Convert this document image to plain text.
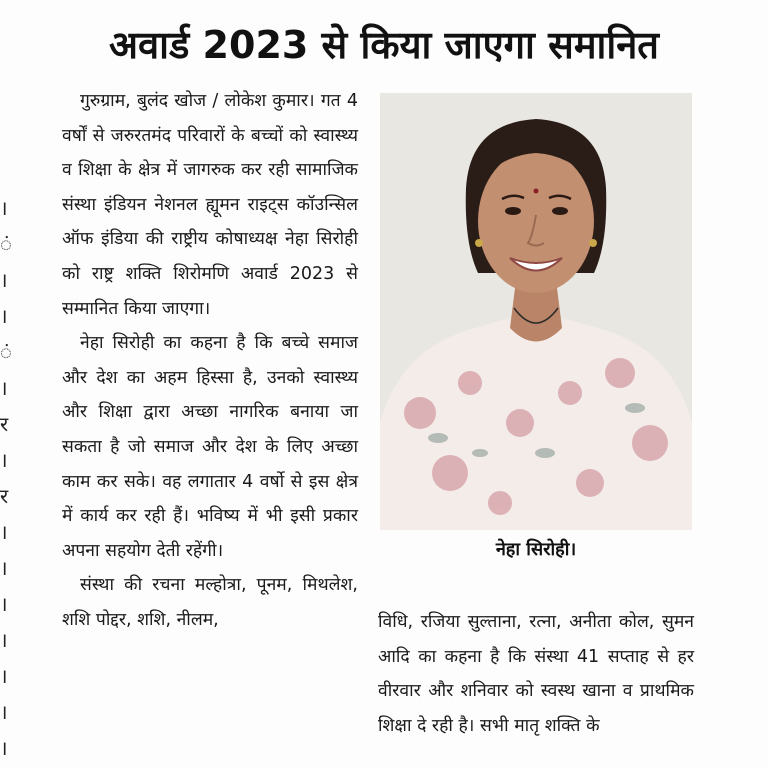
अवार्ड 2023 से किया जाएगा समानित
।
ं
।
।
ं
।
र
।
र
।
।
।
।
।
।
।

गुरुग्राम, बुलंद खोज / लोकेश कुमार। गत 4 वर्षों से जरुरतमंद परिवारों के बच्चों को स्वास्थ्य व शिक्षा के क्षेत्र में जागरुक कर रही सामाजिक संस्था इंडियन नेशनल ह्यूमन राइट्स कॉउन्सिल ऑफ इंडिया की राष्ट्रीय कोषाध्यक्ष नेहा सिरोही को राष्ट्र शक्ति शिरोमणि अवार्ड 2023 से सम्मानित किया जाएगा।

नेहा सिरोही का कहना है कि बच्चे समाज और देश का अहम हिस्सा है, उनको स्वास्थ्य और शिक्षा द्वारा अच्छा नागरिक बनाया जा सकता है जो समाज और देश के लिए अच्छा काम कर सके। वह लगातार 4 वर्षो से इस क्षेत्र में कार्य कर रही हैं। भविष्य में भी इसी प्रकार अपना सहयोग देती रहेंगी।

संस्था की रचना मल्होत्रा, पूनम, मिथलेश, शशि पोद्दर, शशि, नीलम,

नेहा सिरोही।

विधि, रजिया सुल्ताना, रत्ना, अनीता कोल, सुमन आदि का कहना है कि संस्था 41 सप्ताह से हर वीरवार और शनिवार को स्वस्थ खाना व प्राथमिक शिक्षा दे रही है। सभी मातृ शक्ति के
